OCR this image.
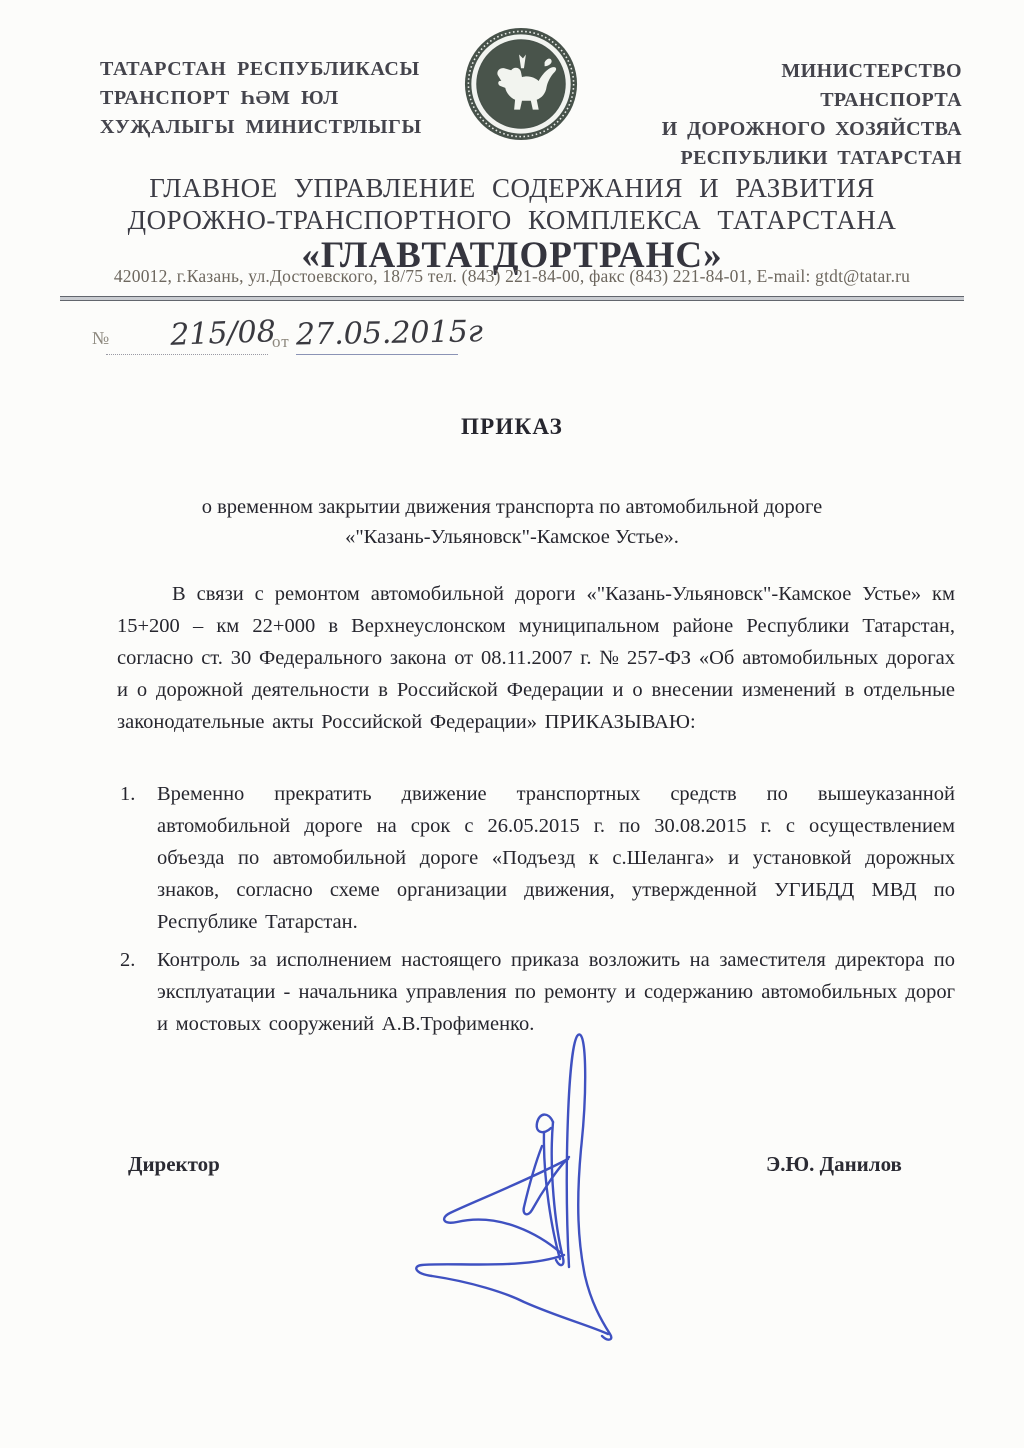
ТАТАРСТАН РЕСПУБЛИКАСЫ
ТРАНСПОРТ ҺӘМ ЮЛ
ХУҖАЛЫГЫ МИНИСТРЛЫГЫ
МИНИСТЕРСТВО ТРАНСПОРТА
И ДОРОЖНОГО ХОЗЯЙСТВА
РЕСПУБЛИКИ ТАТАРСТАН
ГЛАВНОЕ УПРАВЛЕНИЕ СОДЕРЖАНИЯ И РАЗВИТИЯ
ДОРОЖНО-ТРАНСПОРТНОГО КОМПЛЕКСА ТАТАРСТАНА
«ГЛАВТАТДОРТРАНС»
420012, г.Казань, ул.Достоевского, 18/75 тел. (843) 221-84-00, факс (843) 221-84-01, E-mail: gtdt@tatar.ru
№ 215/08
от 27.05.2015г
ПРИКАЗ
о временном закрытии движения транспорта по автомобильной дороге
«"Казань-Ульяновск"-Камское Устье».
В связи с ремонтом автомобильной дороги «"Казань-Ульяновск"-Камское Устье» км 15+200 – км 22+000 в Верхнеуслонском муниципальном районе Республики Татарстан, согласно ст. 30 Федерального закона от 08.11.2007 г. № 257-ФЗ «Об автомобильных дорогах и о дорожной деятельности в Российской Федерации и о внесении изменений в отдельные законодательные акты Российской Федерации» ПРИКАЗЫВАЮ:
1. Временно прекратить движение транспортных средств по вышеуказанной автомобильной дороге на срок с 26.05.2015 г. по 30.08.2015 г. с осуществлением объезда по автомобильной дороге «Подъезд к с.Шеланга» и установкой дорожных знаков, согласно схеме организации движения, утвержденной УГИБДД МВД по Республике Татарстан.
2. Контроль за исполнением настоящего приказа возложить на заместителя директора по эксплуатации - начальника управления по ремонту и содержанию автомобильных дорог и мостовых сооружений А.В.Трофименко.
Директор	Э.Ю. Данилов
